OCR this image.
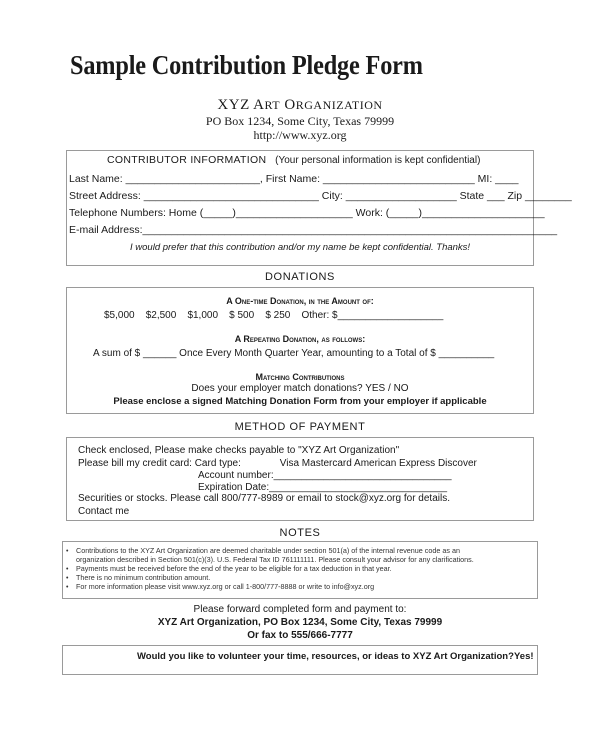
Sample Contribution Pledge Form
XYZ ART ORGANIZATION
PO Box 1234, Some City, Texas 79999
http://www.xyz.org
CONTRIBUTOR INFORMATION (Your personal information is kept confidential)
Last Name: _______________________, First Name: __________________________ MI: ____
Street Address: ______________________________ City: ___________________ State ___ Zip ________
Telephone Numbers: Home (_____)____________________ Work: (_____)_____________________
E-mail Address:_______________________________________________________________________
I would prefer that this contribution and/or my name be kept confidential. Thanks!
DONATIONS
A One-time Donation, in the Amount of:
$5,000 $2,500 $1,000 $ 500 $ 250 Other: $___________________
A Repeating Donation, as follows:
A sum of $ ______ Once Every Month Quarter Year, amounting to a Total of $ __________
Matching Contributions
Does your employer match donations? YES / NO
Please enclose a signed Matching Donation Form from your employer if applicable
METHOD OF PAYMENT
Check enclosed, Please make checks payable to "XYZ Art Organization"
Please bill my credit card: Card type:	Visa Mastercard American Express Discover
Account number:________________________________
Expiration Date:________________________________
Securities or stocks. Please call 800/777-8989 or email to stock@xyz.org for details.
Contact me
NOTES
• Contributions to the XYZ Art Organization are deemed charitable under section 501(a) of the internal revenue code as an
organization described in Section 501(c)(3). U.S. Federal Tax ID 761111111. Please consult your advisor for any clarifications.
• Payments must be received before the end of the year to be eligible for a tax deduction in that year.
• There is no minimum contribution amount.
• For more information please visit www.xyz.org or call 1-800/777-8888 or write to info@xyz.org
Please forward completed form and payment to:
XYZ Art Organization, PO Box 1234, Some City, Texas 79999
Or fax to 555/666-7777
Would you like to volunteer your time, resources, or ideas to XYZ Art Organization? Yes!
